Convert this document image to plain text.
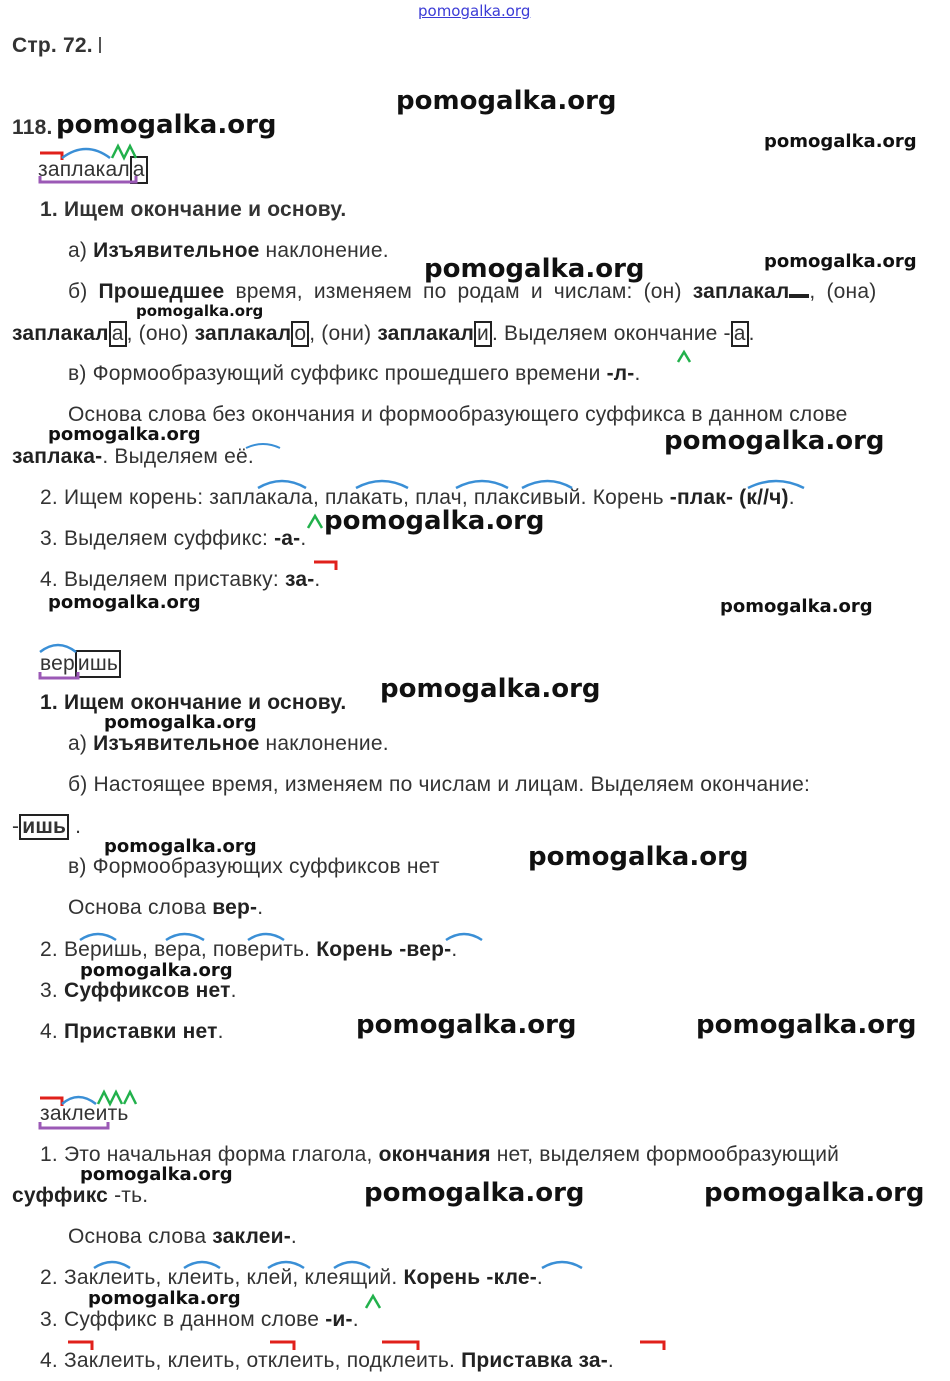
pomogalka.org
pomogalka.org
pomogalka.org
pomogalka.org
pomogalka.org	pomogalka.org
pomogalka.org
pomogalka.org	pomogalka.org
pomogalka.org
pomogalka.org	pomogalka.org
pomogalka.org
pomogalka.org
pomogalka.org	pomogalka.org
pomogalka.org
pomogalka.org	pomogalka.org
pomogalka.org
pomogalka.org	pomogalka.org
pomogalka.org
Стр. 72.
118.
заплакал а
1. Ищем окончание и основу.
а) Изъявительное наклонение.
б) Прошедшее время, изменяем по родам и числам: (он) заплакал , (она)
заплакал а , (оно) заплакал о , (они) заплакал и . Выделяем окончание - а .
в) Формообразующий суффикс прошедшего времени -л-.
Основа слова без окончания и формообразующего суффикса в данном слове
заплака-. Выделяем её.
2. Ищем корень: заплакала, плакать, плач, плаксивый. Корень -плак- (к//ч).
3. Выделяем суффикс: -а-.
4. Выделяем приставку: за-.
вер ишь
1. Ищем окончание и основу.
а) Изъявительное наклонение.
б) Настоящее время, изменяем по числам и лицам. Выделяем окончание:
- ишь .
в) Формообразующих суффиксов нет
Основа слова вер-.
2. Веришь, вера, поверить. Корень -вер-.
3. Суффиксов нет.
4. Приставки нет.
заклеить
1. Это начальная форма глагола, окончания нет, выделяем формообразующий
суффикс -ть.
Основа слова заклеи-.
2. Заклеить, клеить, клей, клеящий. Корень -кле-.
3. Суффикс в данном слове -и-.
4. Заклеить, клеить, отклеить, подклеить. Приставка за-.
